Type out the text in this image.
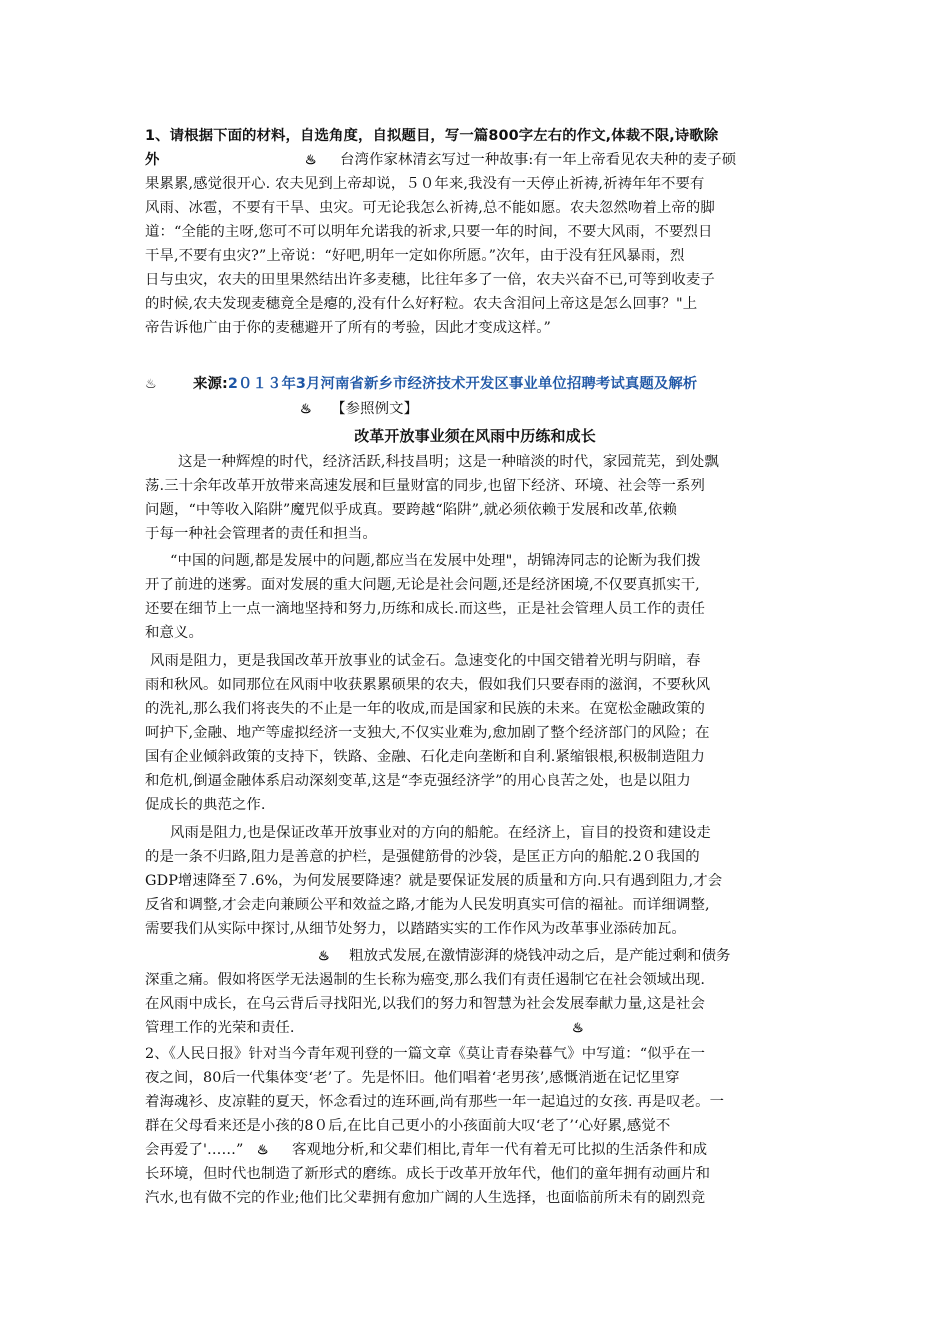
1、请根据下面的材料，自选角度，自拟题目，写一篇800字左右的作文,体裁不限,诗歌除
外	♨ 台湾作家林清玄写过一种故事:有一年上帝看见农夫种的麦子硕
果累累,感觉很开心. 农夫见到上帝却说，５０年来,我没有一天停止祈祷,祈祷年年不要有
风雨、冰雹，不要有干旱、虫灾。可无论我怎么祈祷,总不能如愿。农夫忽然吻着上帝的脚
道：“全能的主呀,您可不可以明年允诺我的祈求,只要一年的时间，不要大风雨，不要烈日
干旱,不要有虫灾?”上帝说：“好吧,明年一定如你所愿。”次年，由于没有狂风暴雨，烈
日与虫灾，农夫的田里果然结出许多麦穗，比往年多了一倍，农夫兴奋不已,可等到收麦子
的时候,农夫发现麦穗竟全是瘪的,没有什么好籽粒。农夫含泪问上帝这是怎么回事？"上
帝告诉他广由于你的麦穗避开了所有的考验，因此才变成这样。”
♨	来源:2０１３年3月河南省新乡市经济技术开发区事业单位招聘考试真题及解析
♨ 【参照例文】
改革开放事业须在风雨中历练和成长
这是一种辉煌的时代，经济活跃,科技昌明；这是一种暗淡的时代，家园荒芜，到处飘
荡.三十余年改革开放带来高速发展和巨量财富的同步,也留下经济、环境、社会等一系列
问题，“中等收入陷阱”魔咒似乎成真。要跨越“陷阱”,就必须依赖于发展和改革,依赖
于每一种社会管理者的责任和担当。
“中国的问题,都是发展中的问题,都应当在发展中处理"，胡锦涛同志的论断为我们拨
开了前进的迷雾。面对发展的重大问题,无论是社会问题,还是经济困境,不仅要真抓实干,
还要在细节上一点一滴地坚持和努力,历练和成长.而这些，正是社会管理人员工作的责任
和意义。
风雨是阻力，更是我国改革开放事业的试金石。急速变化的中国交错着光明与阴暗，春
雨和秋风。如同那位在风雨中收获累累硕果的农夫，假如我们只要春雨的滋润，不要秋风
的洗礼,那么我们将丧失的不止是一年的收成,而是国家和民族的未来。在宽松金融政策的
呵护下,金融、地产等虚拟经济一支独大,不仅实业难为,愈加剧了整个经济部门的风险；在
国有企业倾斜政策的支持下，铁路、金融、石化走向垄断和自利.紧缩银根,积极制造阻力
和危机,倒逼金融体系启动深刻变革,这是“李克强经济学”的用心良苦之处，也是以阻力
促成长的典范之作.
风雨是阻力,也是保证改革开放事业对的方向的船舵。在经济上，盲目的投资和建设走
的是一条不归路,阻力是善意的护栏，是强健筋骨的沙袋，是匡正方向的船舵.2０我国的
GDP增速降至７.6%，为何发展要降速？就是要保证发展的质量和方向.只有遇到阻力,才会
反省和调整,才会走向兼顾公平和效益之路,才能为人民发明真实可信的福祉。而详细调整,
需要我们从实际中探讨,从细节处努力，以踏踏实实的工作作风为改革事业添砖加瓦。
♨ 粗放式发展,在激情澎湃的烧钱冲动之后，是产能过剩和债务
深重之痛。假如将医学无法遏制的生长称为癌变,那么我们有责任遏制它在社会领域出现.
在风雨中成长，在乌云背后寻找阳光,以我们的努力和智慧为社会发展奉献力量,这是社会
管理工作的光荣和责任.	♨
2、《人民日报》针对当今青年观刊登的一篇文章《莫让青春染暮气》中写道：“似乎在一
夜之间，80后一代集体变‘老’了。先是怀旧。他们唱着‘老男孩’,感慨消逝在记忆里穿
着海魂衫、皮凉鞋的夏天，怀念看过的连环画,尚有那些一年一起追过的女孩. 再是叹老。一
群在父母看来还是小孩的8０后,在比自己更小的小孩面前大叹‘老了’‘心好累,感觉不
会再爱了'……” ♨ 客观地分析,和父辈们相比,青年一代有着无可比拟的生活条件和成
长环境，但时代也制造了新形式的磨练。成长于改革开放年代，他们的童年拥有动画片和
汽水,也有做不完的作业;他们比父辈拥有愈加广阔的人生选择，也面临前所未有的剧烈竞
